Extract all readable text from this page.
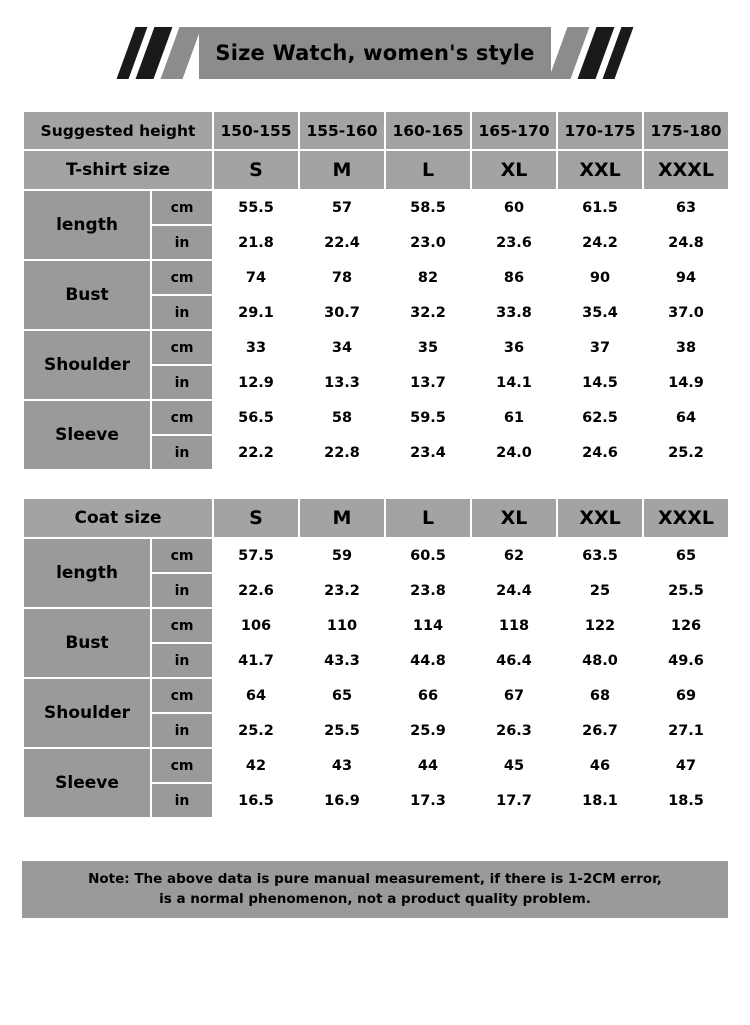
Size Watch, women's style
Suggested height		150-155	155-160	160-165	165-170	170-175	175-180
T-shirt size		S	M	L	XL	XXL	XXXL
length	cm	55.5	57	58.5	60	61.5	63
	in	21.8	22.4	23.0	23.6	24.2	24.8
Bust	cm	74	78	82	86	90	94
	in	29.1	30.7	32.2	33.8	35.4	37.0
Shoulder	cm	33	34	35	36	37	38
	in	12.9	13.3	13.7	14.1	14.5	14.9
Sleeve	cm	56.5	58	59.5	61	62.5	64
	in	22.2	22.8	23.4	24.0	24.6	25.2
Coat size		S	M	L	XL	XXL	XXXL
length	cm	57.5	59	60.5	62	63.5	65
	in	22.6	23.2	23.8	24.4	25	25.5
Bust	cm	106	110	114	118	122	126
	in	41.7	43.3	44.8	46.4	48.0	49.6
Shoulder	cm	64	65	66	67	68	69
	in	25.2	25.5	25.9	26.3	26.7	27.1
Sleeve	cm	42	43	44	45	46	47
	in	16.5	16.9	17.3	17.7	18.1	18.5
Note: The above data is pure manual measurement, if there is 1-2CM error,
is a normal phenomenon, not a product quality problem.
